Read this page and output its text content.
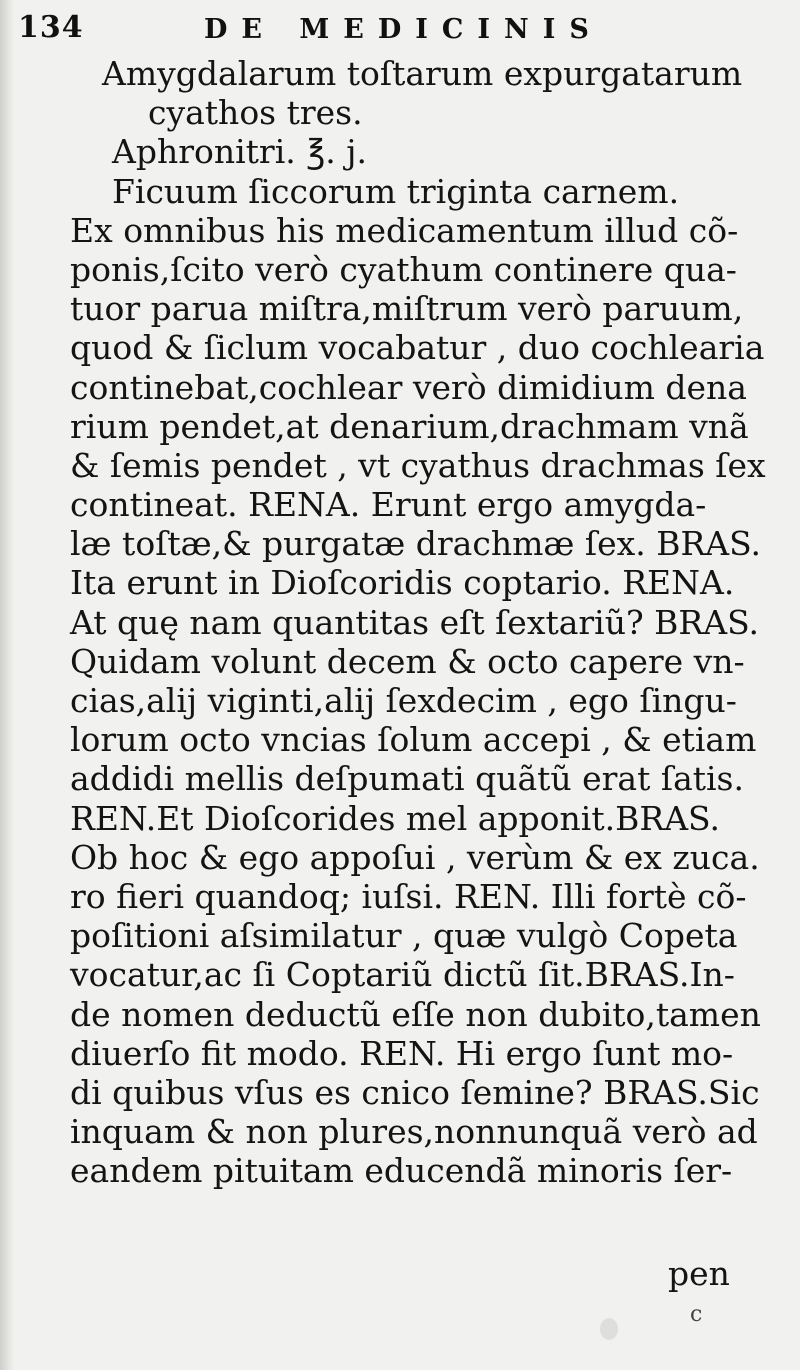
134	DE MEDICINIS
Amygdalarum toſtarum expurgatarum
cyathos tres.
Aphronitri. ℥. j.
Ficuum ſiccorum triginta carnem.
Ex omnibus his medicamentum illud cõ-
ponis,ſcito verò cyathum continere qua-
tuor parua miſtra,miſtrum verò paruum,
quod & ſiclum vocabatur , duo cochlearia
continebat,cochlear verò dimidium dena
rium pendet,at denarium,drachmam vnã
& ſemis pendet , vt cyathus drachmas ſex
contineat. RENA. Erunt ergo amygda-
læ toſtæ,& purgatæ drachmæ ſex. BRAS.
Ita erunt in Dioſcoridis coptario. RENA.
At quę nam quantitas eſt ſextariũ? BRAS.
Quidam volunt decem & octo capere vn-
cias,alij viginti,alij ſexdecim , ego ſingu-
lorum octo vncias ſolum accepi , & etiam
addidi mellis deſpumati quãtũ erat ſatis.
REN.Et Dioſcorides mel apponit.BRAS.
Ob hoc & ego appoſui , verùm & ex zuca.
ro fieri quandoq; iuſsi. REN. Illi fortè cõ-
poſitioni aſsimilatur , quæ vulgò Copeta
vocatur,ac ſi Coptariũ dictũ ſit.BRAS.In-
de nomen deductũ eſſe non dubito,tamen
diuerſo fit modo. REN. Hi ergo ſunt mo-
di quibus vſus es cnico ſemine? BRAS.Sic
inquam & non plures,nonnunquã verò ad
eandem pituitam educendã minoris ſer-
pen
c
